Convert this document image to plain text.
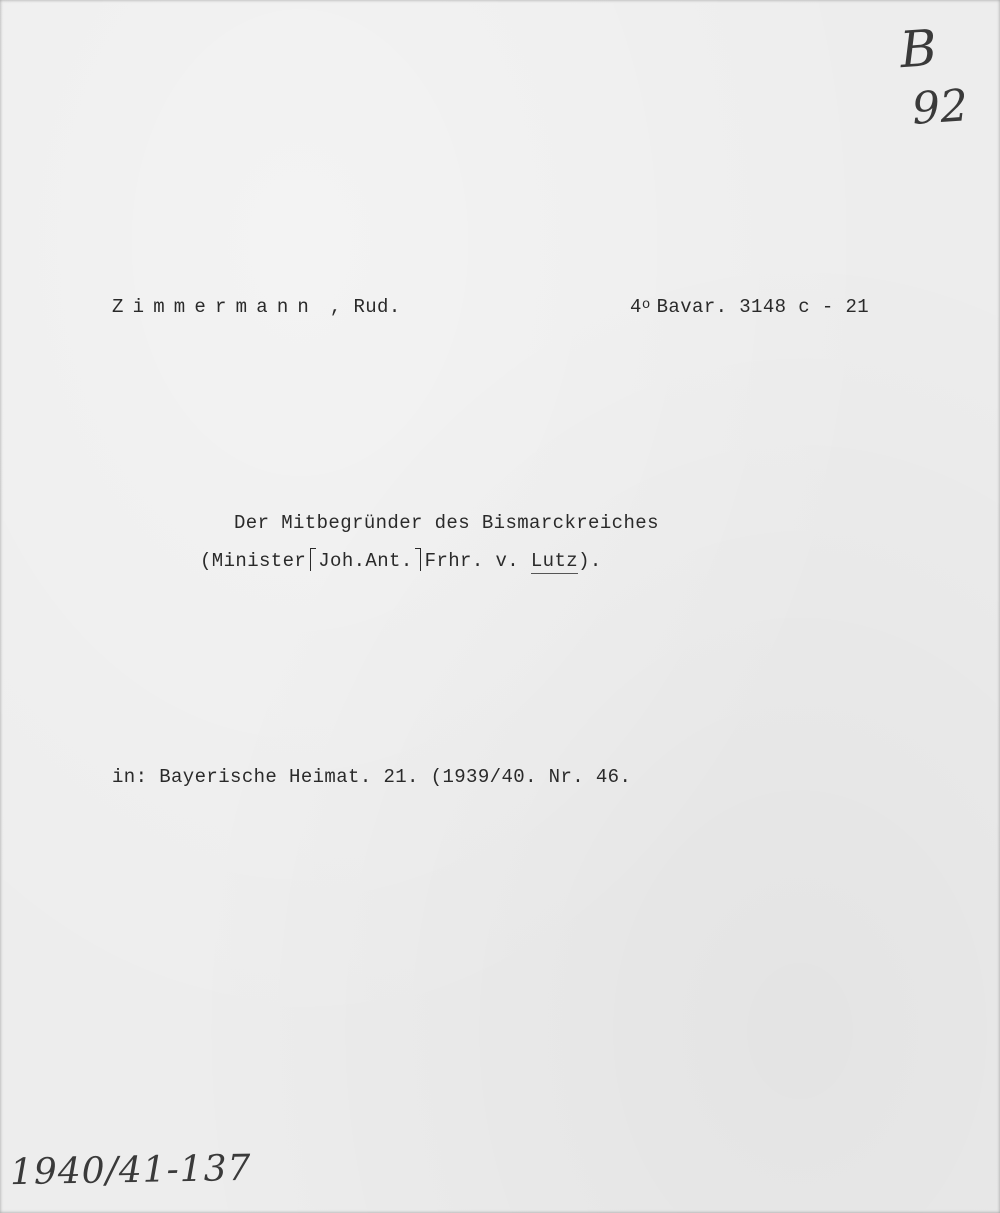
B
92
Zimmermann , Rud.	4$^o$ Bavar. 3148 c - 21
Der Mitbegründer des Bismarckreiches
(Minister Joh.Ant. Frhr. v. Lutz).
in: Bayerische Heimat. 21. (1939/40. Nr. 46.
1940/41-137
